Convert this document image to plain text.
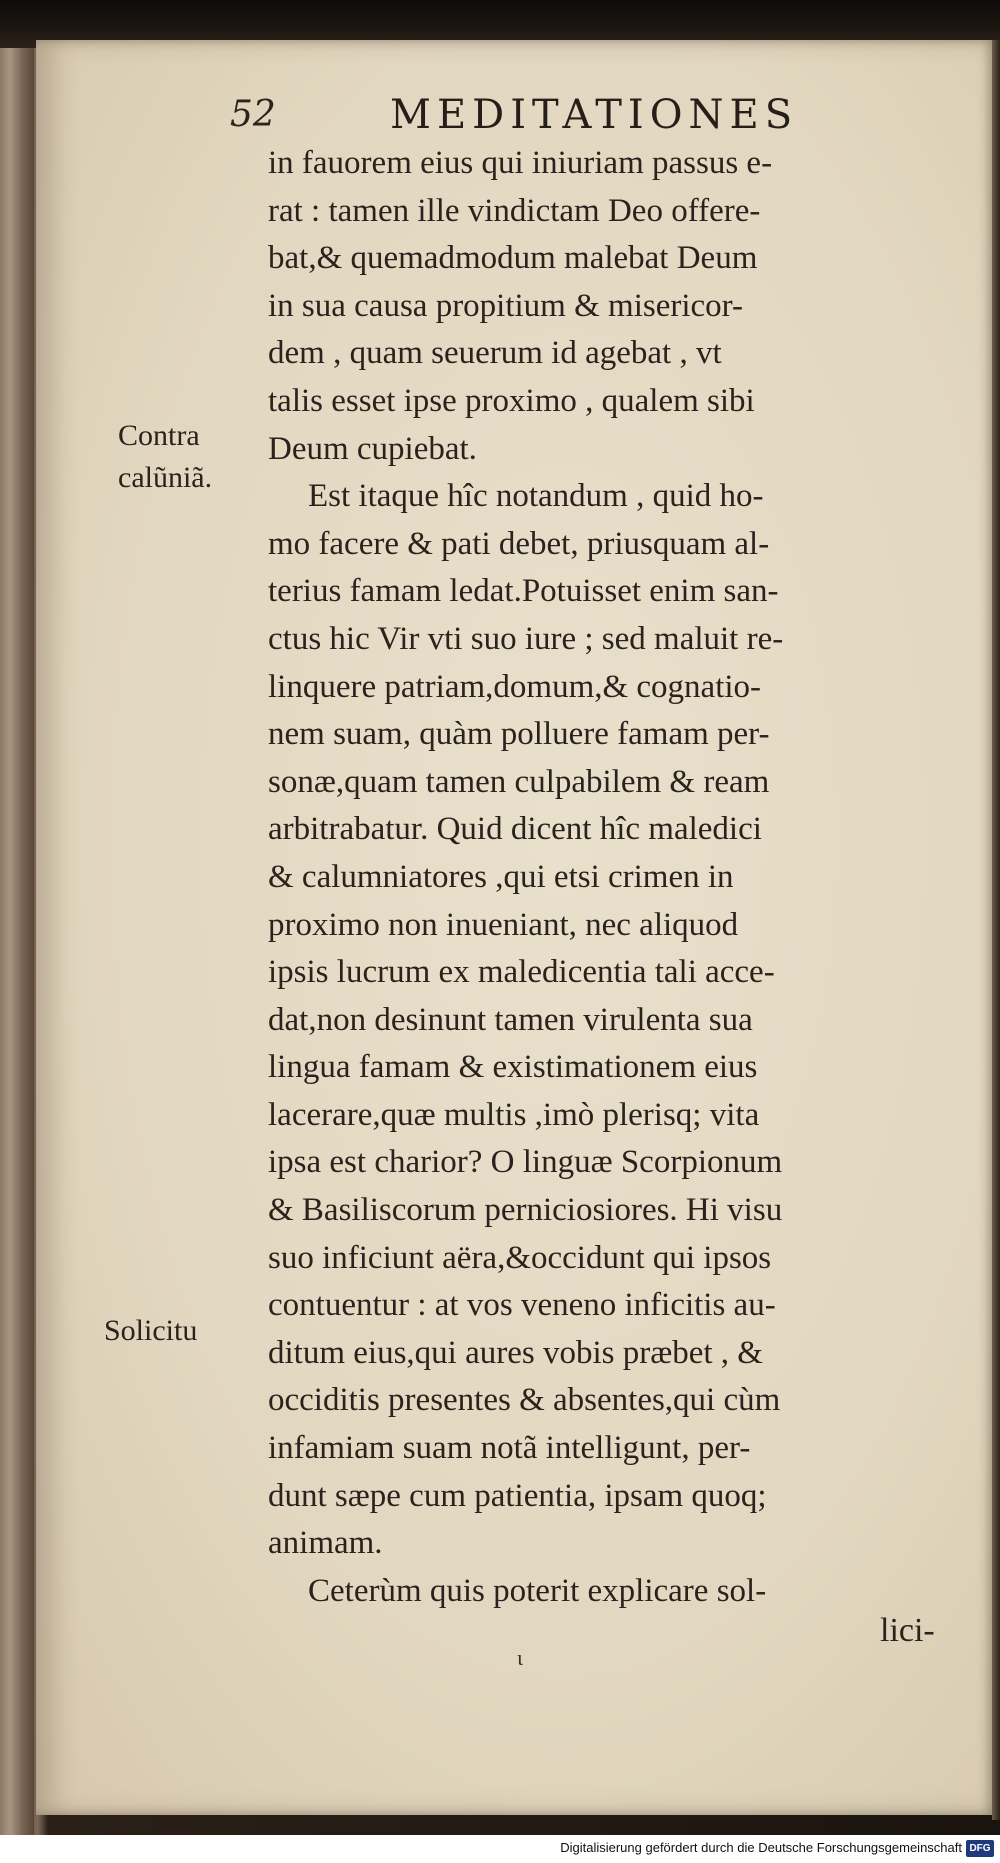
52	MEDITATIONES
Contra
calũniã.
Solicitu
in fauorem eius qui iniuriam passus e-
rat : tamen ille vindictam Deo offere-
bat,& quemadmodum malebat Deum
in sua causa propitium & misericor-
dem , quam seuerum id agebat , vt
talis esset ipse proximo , qualem sibi
Deum cupiebat.
Est itaque hîc notandum , quid ho-
mo facere & pati debet, priusquam al-
terius famam ledat.Potuisset enim san-
ctus hic Vir vti suo iure ; sed maluit re-
linquere patriam,domum,& cognatio-
nem suam, quàm polluere famam per-
sonæ,quam tamen culpabilem & ream
arbitrabatur. Quid dicent hîc maledici
& calumniatores ,qui etsi crimen in
proximo non inueniant, nec aliquod
ipsis lucrum ex maledicentia tali acce-
dat,non desinunt tamen virulenta sua
lingua famam & existimationem eius
lacerare,quæ multis ,imò plerisq; vita
ipsa est charior? O linguæ Scorpionum
& Basiliscorum perniciosiores. Hi visu
suo inficiunt aëra,&occidunt qui ipsos
contuentur : at vos veneno inficitis au-
ditum eius,qui aures vobis præbet , &
occiditis presentes & absentes,qui cùm
infamiam suam notã intelligunt, per-
dunt sæpe cum patientia, ipsam quoq;
animam.
Ceterùm quis poterit explicare sol-
lici-
ι
Digitalisierung gefördert durch die Deutsche Forschungsgemeinschaft DFG
